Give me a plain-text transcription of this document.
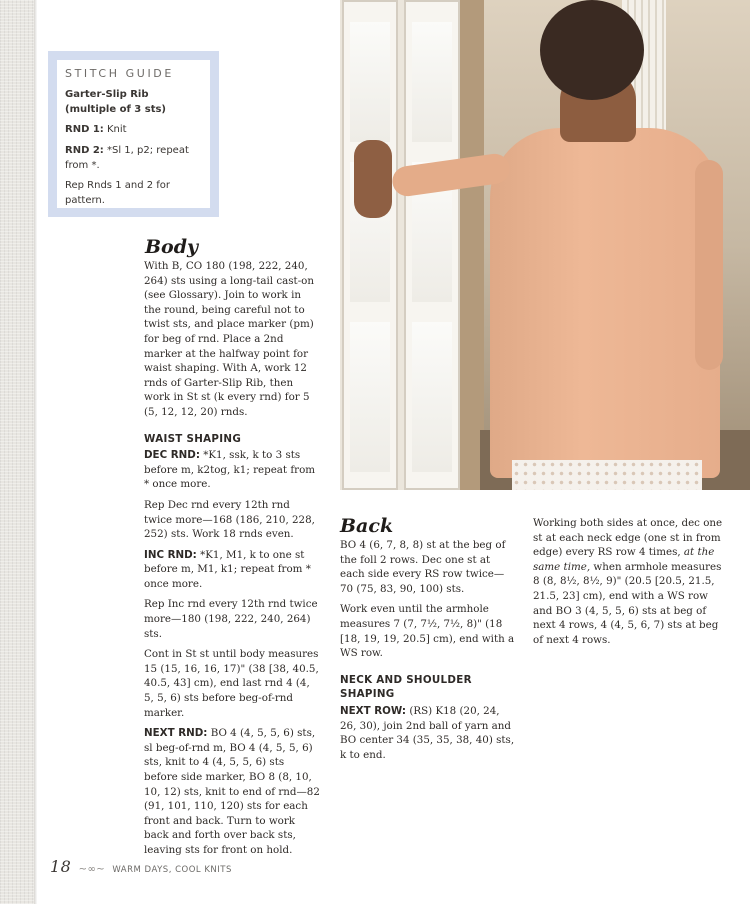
STITCH GUIDE

Garter-Slip Rib (multiple of 3 sts)

RND 1: Knit

RND 2: *Sl 1, p2; repeat from *.

Rep Rnds 1 and 2 for pattern.

Body

With B, CO 180 (198, 222, 240, 264) sts using a long-tail cast-on (see Glossary). Join to work in the round, being careful not to twist sts, and place marker (pm) for beg of rnd. Place a 2nd marker at the halfway point for waist shaping. With A, work 12 rnds of Garter-Slip Rib, then work in St st (k every rnd) for 5 (5, 12, 12, 20) rnds.

WAIST SHAPING

DEC RND: *K1, ssk, k to 3 sts before m, k2tog, k1; repeat from * once more.

Rep Dec rnd every 12th rnd twice more—168 (186, 210, 228, 252) sts. Work 18 rnds even.

INC RND: *K1, M1, k to one st before m, M1, k1; repeat from * once more.

Rep Inc rnd every 12th rnd twice more—180 (198, 222, 240, 264) sts.

Cont in St st until body measures 15 (15, 16, 16, 17)" (38 [38, 40.5, 40.5, 43] cm), end last rnd 4 (4, 5, 5, 6) sts before beg-of-rnd marker.

NEXT RND: BO 4 (4, 5, 5, 6) sts, sl beg-of-rnd m, BO 4 (4, 5, 5, 6) sts, knit to 4 (4, 5, 5, 6) sts before side marker, BO 8 (8, 10, 10, 12) sts, knit to end of rnd—82 (91, 101, 110, 120) sts for each front and back. Turn to work back and forth over back sts, leaving sts for front on hold.

Back

BO 4 (6, 7, 8, 8) st at the beg of the foll 2 rows. Dec one st at each side every RS row twice—70 (75, 83, 90, 100) sts.

Work even until the armhole measures 7 (7, 7½, 7½, 8)" (18 [18, 19, 19, 20.5] cm), end with a WS row.

NECK AND SHOULDER SHAPING

NEXT ROW: (RS) K18 (20, 24, 26, 30), join 2nd ball of yarn and BO center 34 (35, 35, 38, 40) sts, k to end.

Working both sides at once, dec one st at each neck edge (one st in from edge) every RS row 4 times, at the same time, when armhole measures 8 (8, 8½, 8½, 9)" (20.5 [20.5, 21.5, 21.5, 23] cm), end with a WS row and BO 3 (4, 5, 5, 6) sts at beg of next 4 rows, 4 (4, 5, 6, 7) sts at beg of next 4 rows.

18 ~∞~ WARM DAYS, COOL KNITS
